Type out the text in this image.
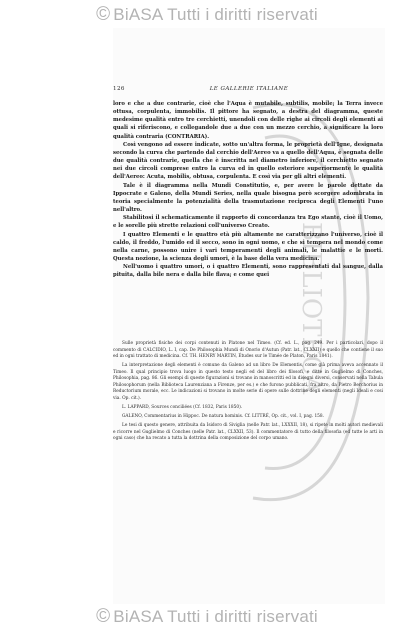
© BiASA Tutti i diritti riservati
BIBLIOTECA
126	LE GALLERIE ITALIANE

loro e che a due contrarie, cioè che l'Aqua è mutabile, subtilis, mobile; la Terra invece ottusa, corpulenta, immobilis. Il pittore ha segnato, a destra del diagramma, queste medesime qualità entro tre cerchietti, unendoli con delle righe ai circoli degli elementi ai quali si riferiscono, e collegandole due a due con un mezzo cerchio, a significare la loro qualità contraria (CONTRARIA).

Così vengono ad essere indicate, sotto un'altra forma, le proprietà dell'Igne, designata secondo la curva che partendo dal cerchio dell'Aereo va a quello dell'Aqua, è segnata delle due qualità contrarie, quella che è inscritta nel diametro inferiore, il cerchietto segnato nei due circoli comprese entro la curva ed in quello esteriore superiormente le qualità dell'Aereo: Acuta, mobilis, obtusa, corpulenta. E così via per gli altri elementi.

Tale è il diagramma nella Mundi Constitutio, e, per avere le parole dettate da Ippocrate e Galeno, della Mundi Series, nella quale bisogna però scorgere adombrata in teoria specialmente la potenzialità della trasmutazione reciproca degli Elementi l'uno nell'altro.

Stabilitosi il schematicamente il rapporto di concordanza tra Ego stante, cioè il Uomo, e le sorelle più strette relazioni coll'universo Creato.

I quattro Elementi e le quattro età più altamente ne caratterizzano l'universo, cioè il caldo, il freddo, l'umido ed il secco, sono in ogni uomo, e che si tempera nel mondo come nella carne, possono unire i vari temperamenti degli animali, le malattie e le morti. Questa nozione, la scienza degli umori, è la base della vera medicina.

Nell'uomo i quattro umori, o i quattro Elementi, sono rappresentati dal sangue, dalla pituita, dalla bile nera e dalla bile flava; e come quei

Sulle proprietà fisiche dei corpi contenuti in Platone nel Timeo. (Cf. ed. L., pag. 249. Per i particolari, dopo il commento di CALCIDIO, L. I, cap. De Philosophia Mundi di Onorio d'Autun (Patr. lat., CLXXII) e quello che contiene il suo ed in ogni trattato di medicina. Cf. TH. HENRY MARTIN, Études sur le Timée de Platon, Paris 1841).

La interpretazione degli elementi è comune da Galeno ad un libro De Elementis, come già prima aveva accennato il Timeo. Il qual principio trova luogo in questo testo negli ed del libro dei filosofi, e ditte in Guglielmo di Conches, Philosophia, pag. 86. Gli esempi di queste figurazioni si trovano in manoscritti ed in disegni diversi, conservati nella Tabula Philosophorum (nella Biblioteca Laurenziana a Firenze, per es.) e che furono pubblicati, fra altro, da Pietro Berchorius in Reductorium morale, ecc. Le indicazioni si trovano in molte serie di opere sulle dottrine degli elementi (negli Ideali e cosi via. Op. cit.).

L. LAPPARD, Sources conciliées (Cf. 1832, Paris 1850).

GALENO, Commentarius in Hippoc. De natura hominis. Cf. LITTRÉ, Op. cit., vol. I, pag. 158.

Le tesi di questo genere, attribuita da Isidoro di Siviglia (nelle Patr. lat., LXXXII, 18), si ripete in molti autori medievali e ricorre nel Guglielmo di Conches (nelle Patr. lat., CLXXII, 53). Il commentatore di tutto della filosofia (ed tutte le arti in ogni caso) che ha recato a tutta la dottrina della composizione del corpo umano.

© BiASA Tutti i diritti riservati
